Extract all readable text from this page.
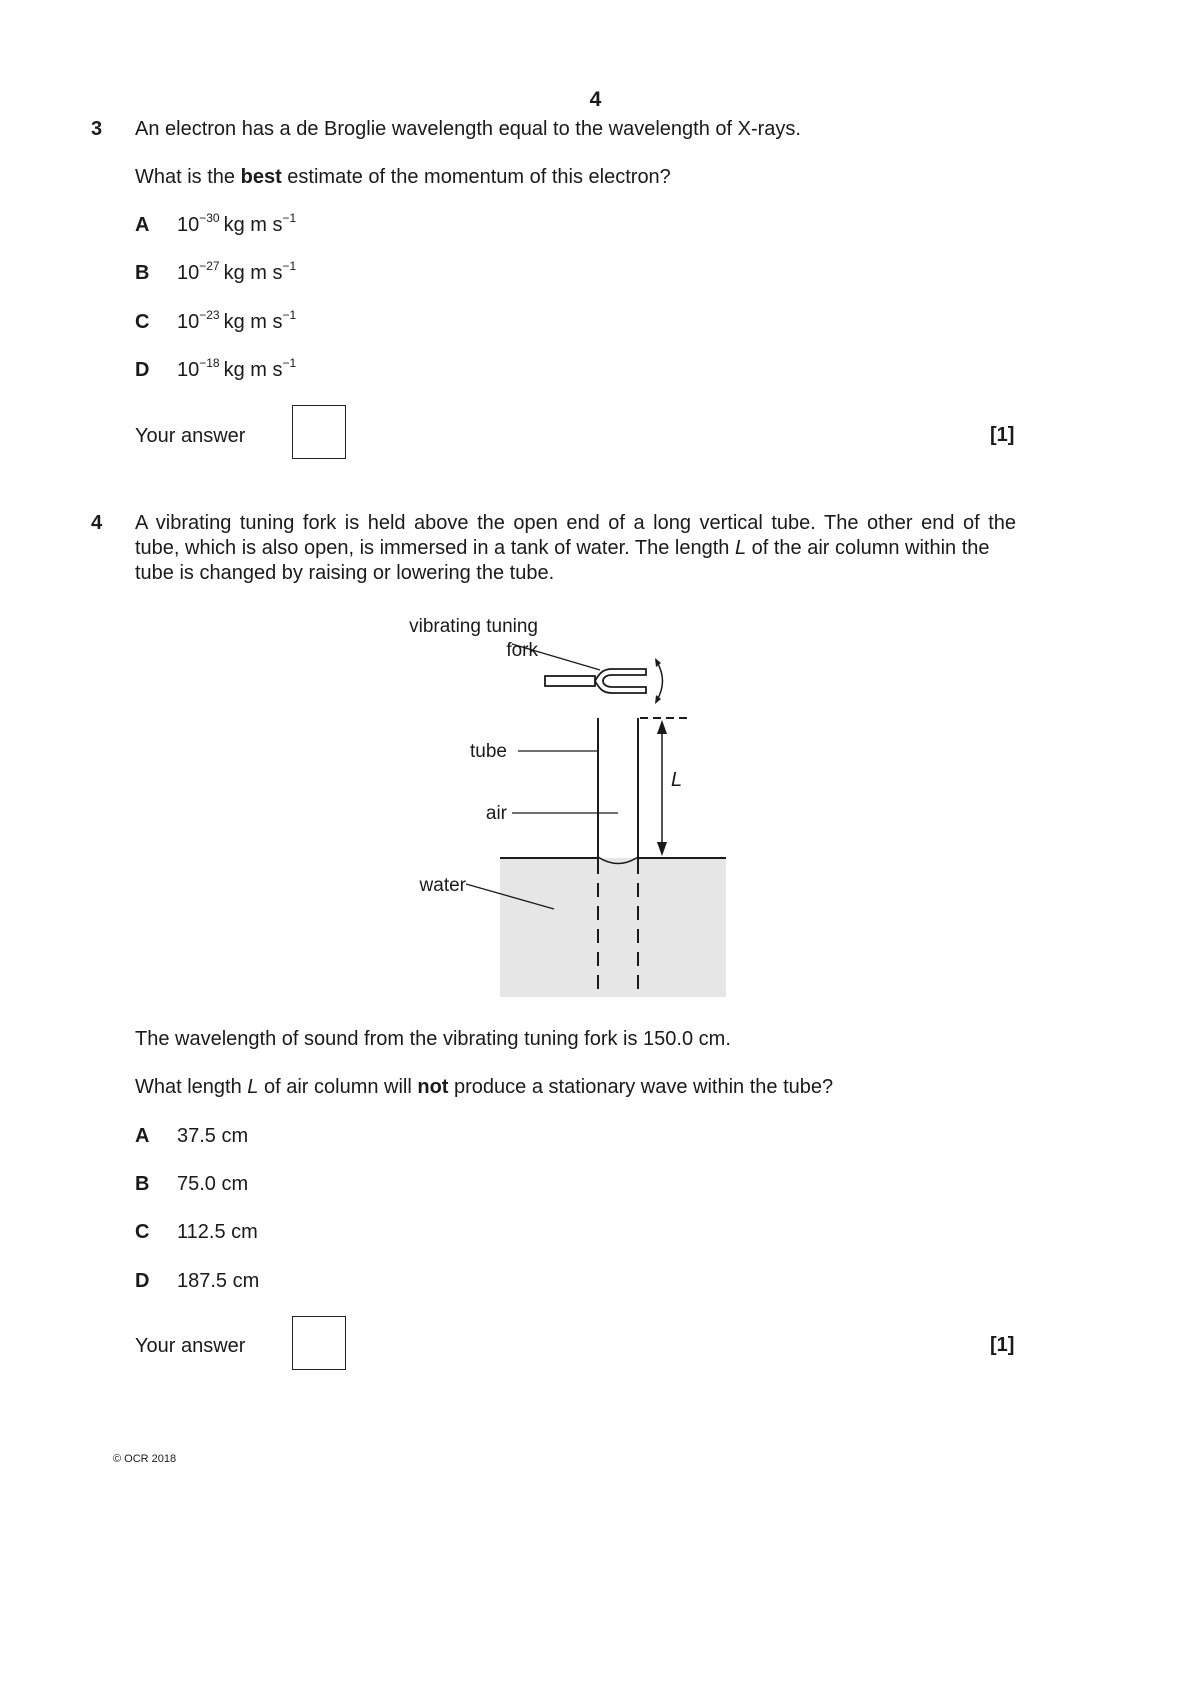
4
3 An electron has a de Broglie wavelength equal to the wavelength of X-rays.
What is the best estimate of the momentum of this electron?
A $10^{-30}$  kg m $s^{-1}$
B $10^{-27}$  kg m $s^{-1}$
C $10^{-23}$  kg m $s^{-1}$
D $10^{-18}$  kg m $s^{-1}$
Your answer	[1]
4 A vibrating tuning fork is held above the open end of a long vertical tube. The other end of the
tube, which is also open, is immersed in a tank of water. The length L of the air column within the
tube is changed by raising or lowering the tube.
L
vibrating tuning
fork
tube
air
water
The wavelength of sound from the vibrating tuning fork is 150.0 cm.
What length L of air column will not produce a stationary wave within the tube?
A 37.5 cm
B 75.0 cm
C 112.5 cm
D 187.5 cm
Your answer	[1]
© OCR 2018
